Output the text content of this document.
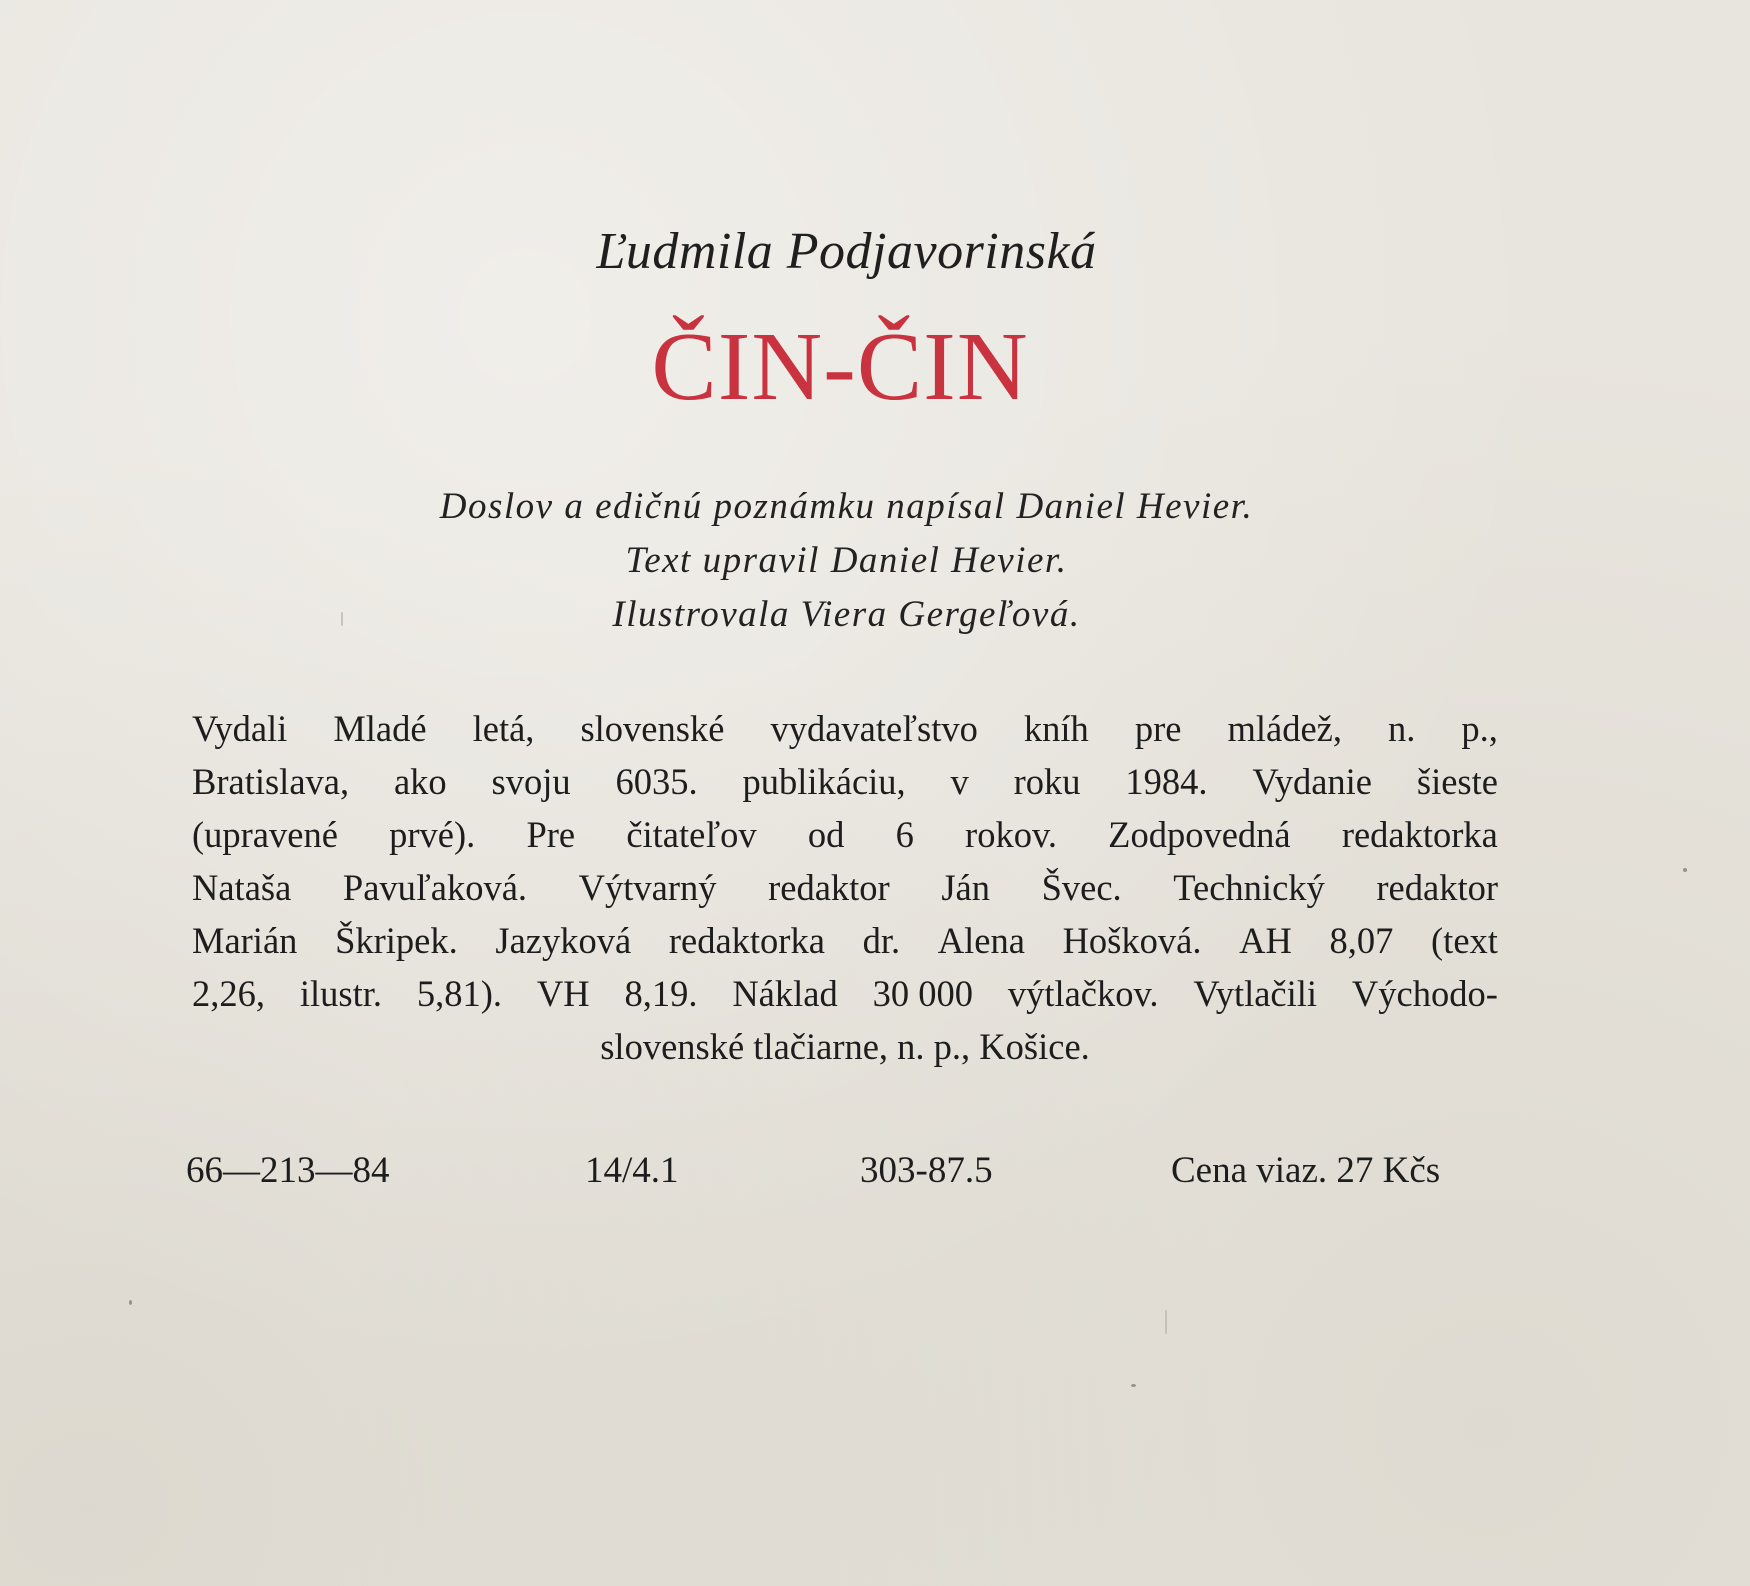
Ľudmila Podjavorinská
ČIN-ČIN
Doslov a edičnú poznámku napísal Daniel Hevier.
Text upravil Daniel Hevier.
Ilustrovala Viera Gergeľová.
Vydali Mladé letá, slovenské vydavateľstvo kníh pre mládež, n. p.,
Bratislava, ako svoju 6035. publikáciu, v roku 1984. Vydanie šieste
(upravené prvé). Pre čitateľov od 6 rokov. Zodpovedná redaktorka
Nataša Pavuľaková. Výtvarný redaktor Ján Švec. Technický redaktor
Marián Škripek. Jazyková redaktorka dr. Alena Hošková. AH 8,07 (text
2,26, ilustr. 5,81). VH 8,19. Náklad 30 000 výtlačkov. Vytlačili Východo-
slovenské tlačiarne, n. p., Košice.
66—213—84	14/4.1	303-87.5	Cena viaz. 27 Kčs
